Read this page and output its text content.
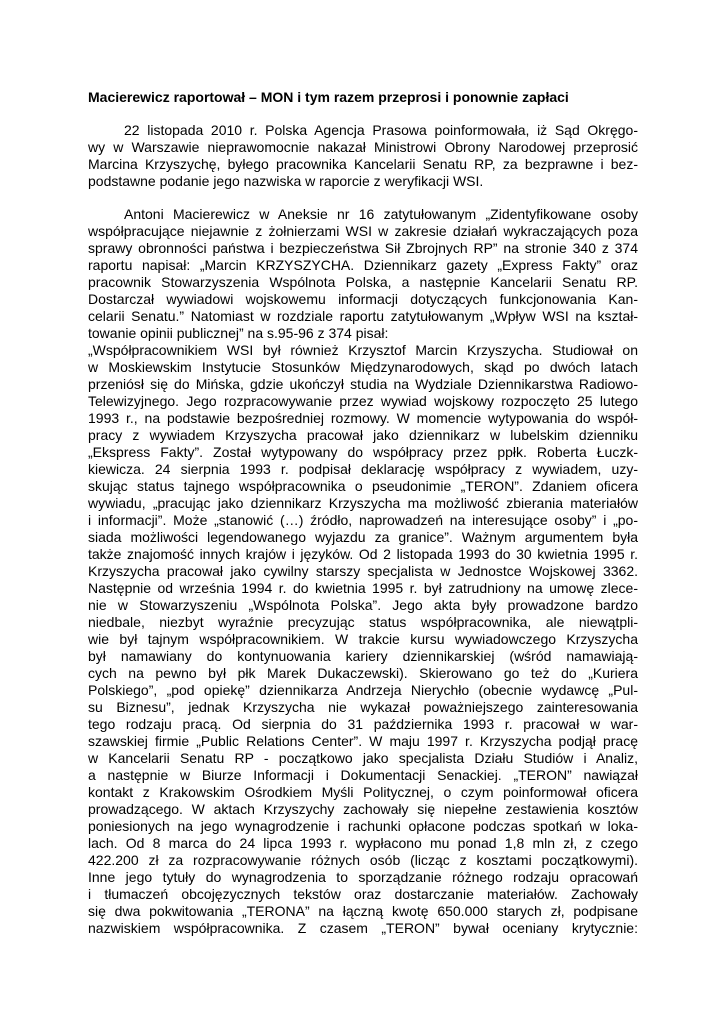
Macierewicz raportował – MON i tym razem przeprosi i ponownie zapłaci
22 listopada 2010 r. Polska Agencja Prasowa poinformowała, iż Sąd Okręgo-
wy w Warszawie nieprawomocnie nakazał Ministrowi Obrony Narodowej przeprosić
Marcina Krzyszychę, byłego pracownika Kancelarii Senatu RP, za bezprawne i bez-
podstawne podanie jego nazwiska w raporcie z weryfikacji WSI.
Antoni Macierewicz w Aneksie nr 16 zatytułowanym „Zidentyfikowane osoby
współpracujące niejawnie z żołnierzami WSI w zakresie działań wykraczających poza
sprawy obronności państwa i bezpieczeństwa Sił Zbrojnych RP” na stronie 340 z 374
raportu napisał: „Marcin KRZYSZYCHA. Dziennikarz gazety „Express Fakty” oraz
pracownik Stowarzyszenia Wspólnota Polska, a następnie Kancelarii Senatu RP.
Dostarczał wywiadowi wojskowemu informacji dotyczących funkcjonowania Kan-
celarii Senatu.” Natomiast w rozdziale raportu zatytułowanym „Wpływ WSI na kształ-
towanie opinii publicznej” na s.95-96 z 374 pisał:
„Współpracownikiem WSI był również Krzysztof Marcin Krzyszycha. Studiował on
w Moskiewskim Instytucie Stosunków Międzynarodowych, skąd po dwóch latach
przeniósł się do Mińska, gdzie ukończył studia na Wydziale Dziennikarstwa Radiowo-
Telewizyjnego. Jego rozpracowywanie przez wywiad wojskowy rozpoczęto 25 lutego
1993 r., na podstawie bezpośredniej rozmowy. W momencie wytypowania do współ-
pracy z wywiadem Krzyszycha pracował jako dziennikarz w lubelskim dzienniku
„Ekspress Fakty”. Został wytypowany do współpracy przez ppłk. Roberta Łuczk-
kiewicza. 24 sierpnia 1993 r. podpisał deklarację współpracy z wywiadem, uzy-
skując status tajnego współpracownika o pseudonimie „TERON”. Zdaniem oficera
wywiadu, „pracując jako dziennikarz Krzyszycha ma możliwość zbierania materiałów
i informacji”. Może „stanowić (…) źródło, naprowadzeń na interesujące osoby” i „po-
siada możliwości legendowanego wyjazdu za granice”. Ważnym argumentem była
także znajomość innych krajów i języków. Od 2 listopada 1993 do 30 kwietnia 1995 r.
Krzyszycha pracował jako cywilny starszy specjalista w Jednostce Wojskowej 3362.
Następnie od września 1994 r. do kwietnia 1995 r. był zatrudniony na umowę zlece-
nie w Stowarzyszeniu „Wspólnota Polska”. Jego akta były prowadzone bardzo
niedbale, niezbyt wyraźnie precyzując status współpracownika, ale niewątpli-
wie był tajnym współpracownikiem. W trakcie kursu wywiadowczego Krzyszycha
był namawiany do kontynuowania kariery dziennikarskiej (wśród namawiają-
cych na pewno był płk Marek Dukaczewski). Skierowano go też do „Kuriera
Polskiego”, „pod opiekę” dziennikarza Andrzeja Nierychło (obecnie wydawcę „Pul-
su Biznesu”, jednak Krzyszycha nie wykazał poważniejszego zainteresowania
tego rodzaju pracą. Od sierpnia do 31 października 1993 r. pracował w war-
szawskiej firmie „Public Relations Center”. W maju 1997 r. Krzyszycha podjął pracę
w Kancelarii Senatu RP - początkowo jako specjalista Działu Studiów i Analiz,
a następnie w Biurze Informacji i Dokumentacji Senackiej. „TERON” nawiązał
kontakt z Krakowskim Ośrodkiem Myśli Politycznej, o czym poinformował oficera
prowadzącego. W aktach Krzyszychy zachowały się niepełne zestawienia kosztów
poniesionych na jego wynagrodzenie i rachunki opłacone podczas spotkań w loka-
lach. Od 8 marca do 24 lipca 1993 r. wypłacono mu ponad 1,8 mln zł, z czego
422.200 zł za rozpracowywanie różnych osób (licząc z kosztami początkowymi).
Inne jego tytuły do wynagrodzenia to sporządzanie różnego rodzaju opracowań
i tłumaczeń obcojęzycznych tekstów oraz dostarczanie materiałów. Zachowały
się dwa pokwitowania „TERONA” na łączną kwotę 650.000 starych zł, podpisane
nazwiskiem współpracownika. Z czasem „TERON” bywał oceniany krytycznie:
